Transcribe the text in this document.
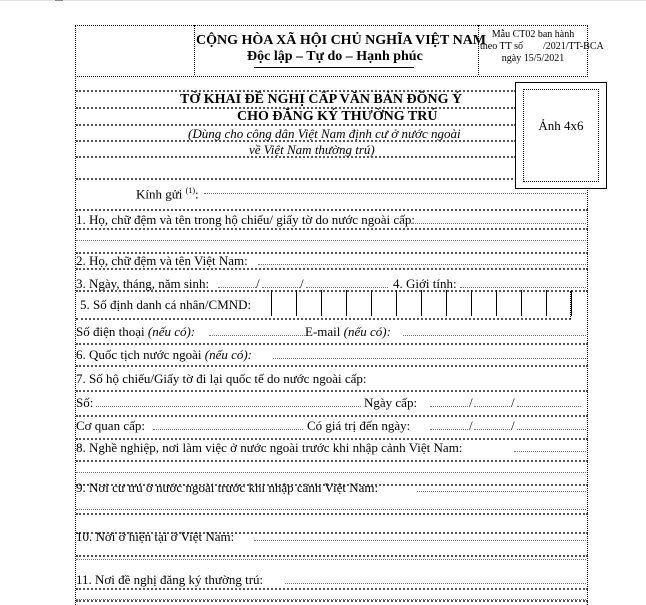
CỘNG HÒA XÃ HỘI CHỦ NGHĨA VIỆT NAM
Độc lập – Tự do – Hạnh phúc
Mẫu CT02 ban hành
theo TT số        /2021/TT-BCA
ngày 15/5/2021
TỜ KHAI ĐỀ NGHỊ CẤP VĂN BẢN ĐỒNG Ý
CHO ĐĂNG KÝ THƯỜNG TRÚ
(Dùng cho công dân Việt Nam định cư ở nước ngoài
về Việt Nam thường trú)
Ảnh 4x6
Kính gửi $^{(1)}$:
1. Họ, chữ đệm và tên trong hộ chiếu/ giấy tờ do nước ngoài cấp:
2. Họ, chữ đệm và tên Việt Nam:
3. Ngày, tháng, năm sinh:	/	/	4. Giới tính:
5. Số định danh cá nhân/CMND:
Số điện thoại (nếu có):	E-mail (nếu có):
6. Quốc tịch nước ngoài (nếu có):
7. Số hộ chiếu/Giấy tờ đi lại quốc tế do nước ngoài cấp:
Số:	Ngày cấp:	/	/
Cơ quan cấp:	Có giá trị đến ngày:	/	/
8. Nghề nghiệp, nơi làm việc ở nước ngoài trước khi nhập cảnh Việt Nam:
9. Nơi cư trú ở nước ngoài trước khi nhập cảnh Việt Nam:
10. Nơi ở hiện tại ở Việt Nam:
11. Nơi đề nghị đăng ký thường trú:
